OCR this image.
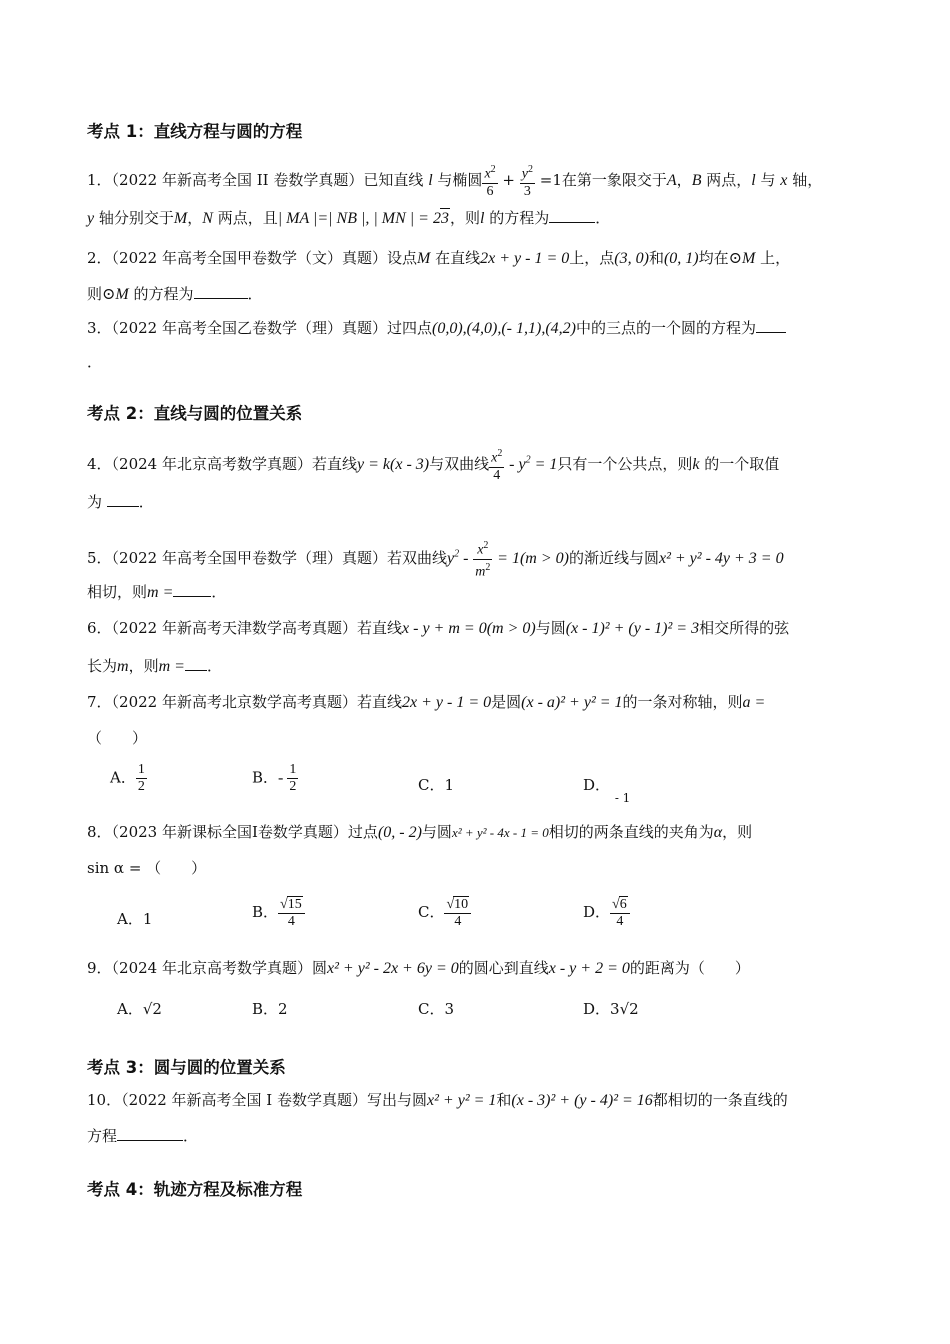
考点 1：直线方程与圆的方程
1．（2022 年新高考全国 II 卷数学真题）已知直线 l 与椭圆 $\frac{x^2}{6} + \frac{y^2}{3} =1$在第一象限交于A，B 两点，l 与 x 轴，
y 轴分别交于M，N 两点，且| MA |=| NB |, | MN | = 23，则l 的方程为	．
2．（2022 年高考全国甲卷数学（文）真题）设点M 在直线2x + y - 1 = 0上，点(3, 0)和(0, 1)均在⊙M 上，
则⊙M 的方程为	．
3．（2022 年高考全国乙卷数学（理）真题）过四点(0,0),(4,0),(- 1,1),(4,2)中的三点的一个圆的方程为
．
考点 2：直线与圆的位置关系
4．（2024 年北京高考数学真题）若直线y = k(x - 3)与双曲线 $\frac{x^2}{4} - y^2 = 1$只有一个公共点，则k 的一个取值
为 ．
5．（2022 年高考全国甲卷数学（理）真题）若双曲线$y^2 - \frac{x^2}{m^2} = 1(m > 0)$的渐近线与圆x² + y² - 4y + 3 = 0
相切，则m =	．
6．（2022 年新高考天津数学高考真题）若直线x - y + m = 0(m > 0)与圆(x - 1)² + (y - 1)² = 3相交所得的弦
长为m，则m = ．
7．（2022 年新高考北京数学高考真题）若直线2x + y - 1 = 0是圆(x - a)² + y² = 1的一条对称轴，则a =
（　　）
A． $\frac{1}{2}$	B．- $\frac{1}{2}$	C．1	D． $_{- 1}$
8．（2023 年新课标全国Ⅰ卷数学真题）过点(0, - 2)与圆x² + y² - 4x - 1 = 0相切的两条直线的夹角为α，则
sin α = （　　）
A．1	B． $\frac{√15}{4}$	C． $\frac{√10}{4}$	D． $\frac{√6}{4}$
9．（2024 年北京高考数学真题）圆x² + y² - 2x + 6y = 0的圆心到直线x - y + 2 = 0的距离为（　　）
A．√2	B．2	C．3	D．3√2
考点 3：圆与圆的位置关系
10．（2022 年新高考全国 I 卷数学真题）写出与圆x² + y² = 1和(x - 3)² + (y - 4)² = 16都相切的一条直线的
方程	．
考点 4：轨迹方程及标准方程
